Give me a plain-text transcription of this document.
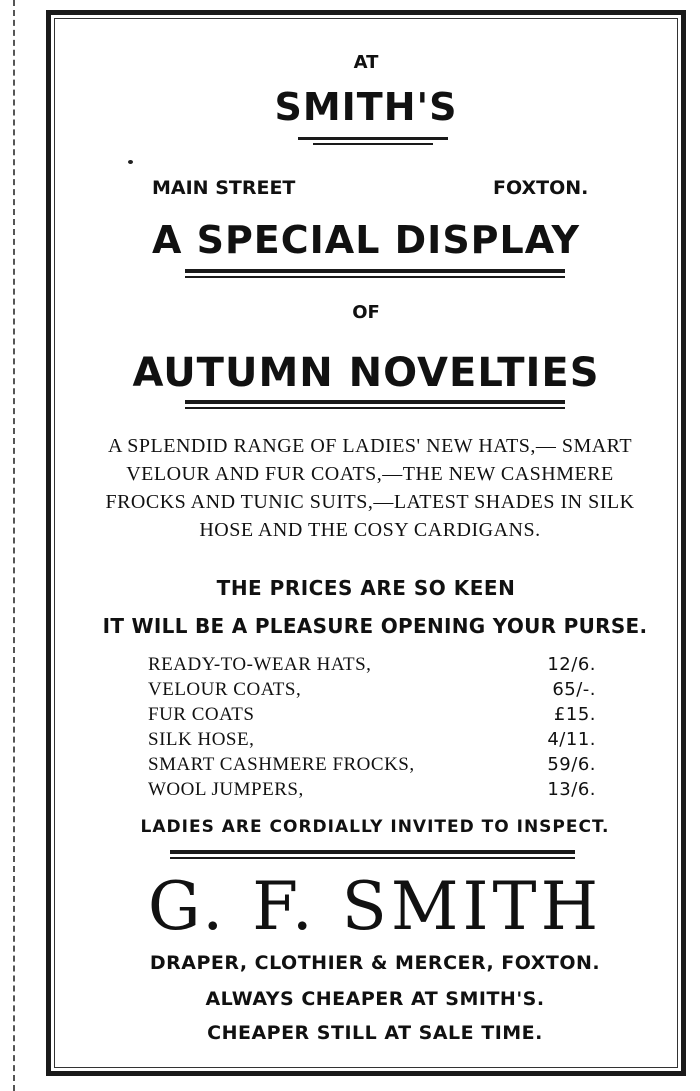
AT
SMITH'S
MAIN STREET	FOXTON.
A SPECIAL DISPLAY
OF
AUTUMN NOVELTIES
A SPLENDID RANGE OF LADIES' NEW HATS,— SMART VELOUR AND FUR COATS,—THE NEW CASHMERE FROCKS AND TUNIC SUITS,—LATEST SHADES IN SILK HOSE AND THE COSY CARDIGANS.
THE PRICES ARE SO KEEN
IT WILL BE A PLEASURE OPENING YOUR PURSE.
READY-TO-WEAR HATS,	12/6.
VELOUR COATS,	65/-.
FUR COATS	£15.
SILK HOSE,	4/11.
SMART CASHMERE FROCKS,	59/6.
WOOL JUMPERS,	13/6.
LADIES ARE CORDIALLY INVITED TO INSPECT.
G. F. SMITH
DRAPER, CLOTHIER & MERCER, FOXTON.
ALWAYS CHEAPER AT SMITH'S.
CHEAPER STILL AT SALE TIME.
